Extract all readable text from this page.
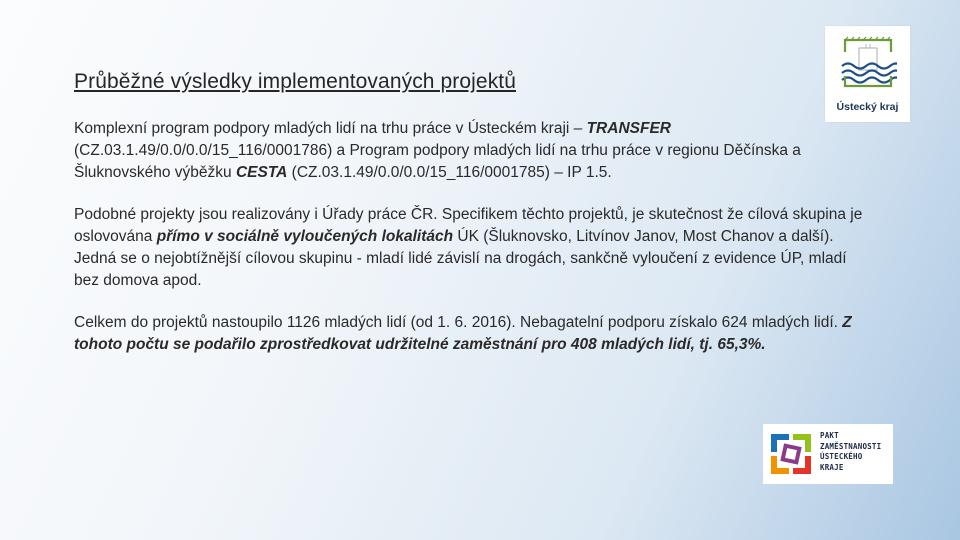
Průběžné výsledky implementovaných projektů
Ústecký kraj

Komplexní program podpory mladých lidí na trhu práce v Ústeckém kraji – TRANSFER (CZ.03.1.49/0.0/0.0/15_116/0001786) a Program podpory mladých lidí na trhu práce v regionu Děčínska a Šluknovského výběžku CESTA (CZ.03.1.49/0.0/0.0/15_116/0001785) – IP 1.5.

Podobné projekty jsou realizovány i Úřady práce ČR. Specifikem těchto projektů, je skutečnost že cílová skupina je oslovována přímo v sociálně vyloučených lokalitách ÚK (Šluknovsko, Litvínov Janov, Most Chanov a další). Jedná se o nejobtížnější cílovou skupinu - mladí lidé závislí na drogách, sankčně vyloučení z evidence ÚP, mladí bez domova apod.

Celkem do projektů nastoupilo 1126 mladých lidí (od 1. 6. 2016). Nebagatelní podporu získalo 624 mladých lidí. Z tohoto počtu se podařilo zprostředkovat udržitelné zaměstnání pro 408 mladých lidí, tj. 65,3%.

PAKT
ZAMĚSTNANOSTI
ÚSTECKÉHO
KRAJE
